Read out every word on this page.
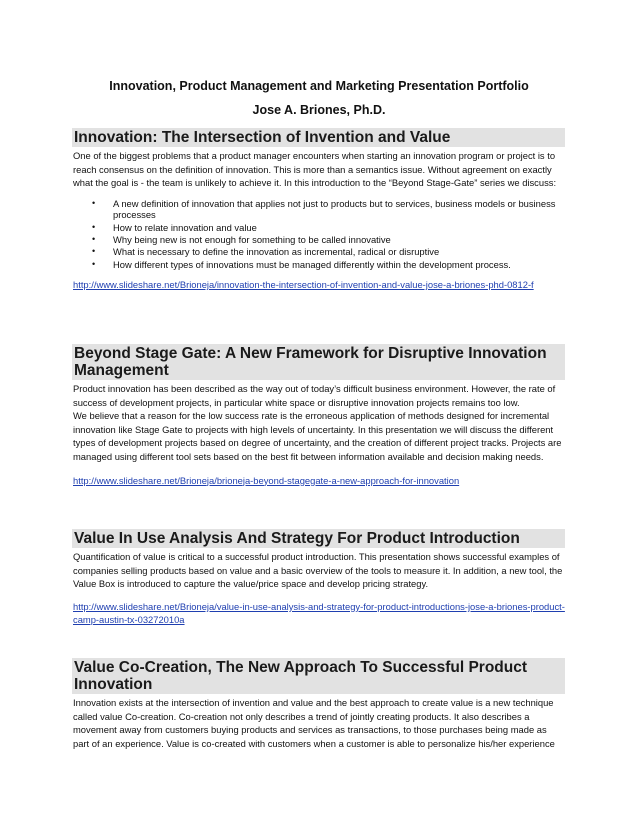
Innovation, Product Management and Marketing Presentation Portfolio
Jose A. Briones, Ph.D.
Innovation: The Intersection of Invention and Value

One of the biggest problems that a product manager encounters when starting an innovation program or project is to reach consensus on the definition of innovation. This is more than a semantics issue. Without agreement on exactly what the goal is - the team is unlikely to achieve it. In this introduction to the “Beyond Stage-Gate” series we discuss:

• A new definition of innovation that applies not just to products but to services, business models or business processes
• How to relate innovation and value
• Why being new is not enough for something to be called innovative
• What is necessary to define the innovation as incremental, radical or disruptive
• How different types of innovations must be managed differently within the development process.
http://www.slideshare.net/Brioneja/innovation-the-intersection-of-invention-and-value-jose-a-briones-phd-0812-f
Beyond Stage Gate: A New Framework for Disruptive Innovation Management

Product innovation has been described as the way out of today’s difficult business environment. However, the rate of success of development projects, in particular white space or disruptive innovation projects remains too low.

We believe that a reason for the low success rate is the erroneous application of methods designed for incremental innovation like Stage Gate to projects with high levels of uncertainty. In this presentation we will discuss the different types of development projects based on degree of uncertainty, and the creation of different project tracks. Projects are managed using different tool sets based on the best fit between information available and decision making needs.

http://www.slideshare.net/Brioneja/brioneja-beyond-stagegate-a-new-approach-for-innovation
Value In Use Analysis And Strategy For Product Introduction

Quantification of value is critical to a successful product introduction. This presentation shows successful examples of companies selling products based on value and a basic overview of the tools to measure it. In addition, a new tool, the Value Box is introduced to capture the value/price space and develop pricing strategy.

http://www.slideshare.net/Brioneja/value-in-use-analysis-and-strategy-for-product-introductions-jose-a-briones-product-camp-austin-tx-03272010a
Value Co-Creation, The New Approach To Successful Product Innovation

Innovation exists at the intersection of invention and value and the best approach to create value is a new technique called value Co-creation. Co-creation not only describes a trend of jointly creating products. It also describes a movement away from customers buying products and services as transactions, to those purchases being made as part of an experience. Value is co-created with customers when a customer is able to personalize his/her experience
